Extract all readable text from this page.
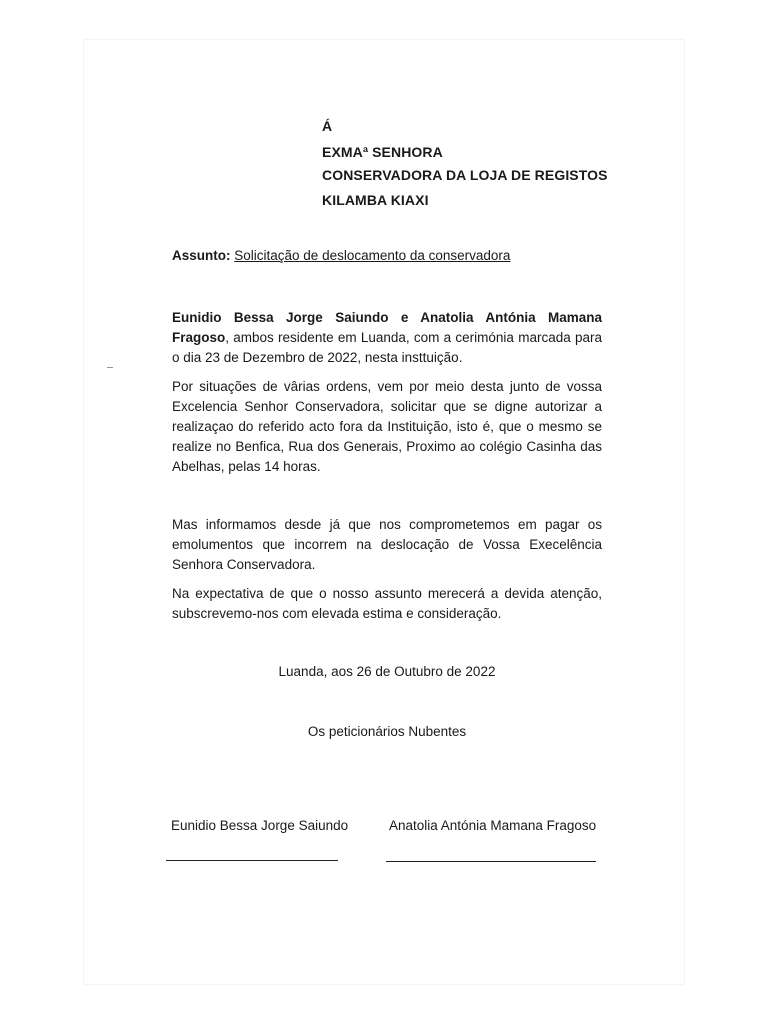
Á
EXMAª SENHORA
CONSERVADORA DA LOJA DE REGISTOS
KILAMBA KIAXI
Assunto: Solicitação de deslocamento da conservadora
Eunidio Bessa Jorge Saiundo e Anatolia Antónia Mamana Fragoso, ambos residente em Luanda, com a cerimónia marcada para o dia 23 de Dezembro de 2022, nesta insttuição.
Por situações de vârias ordens, vem por meio desta junto de vossa Excelencia Senhor Conservadora, solicitar que se digne autorizar a realizaçao do referido acto fora da Instituição, isto é, que o mesmo se realize no Benfica, Rua dos Generais, Proximo ao colégio Casinha das Abelhas, pelas 14 horas.
Mas informamos desde já que nos comprometemos em pagar os emolumentos que incorrem na deslocação de Vossa Execelência Senhora Conservadora.
Na expectativa de que o nosso assunto merecerá a devida atenção, subscrevemo-nos com elevada estima e consideração.
Luanda, aos 26 de Outubro de 2022
Os peticionários Nubentes
Eunidio Bessa Jorge Saiundo	Anatolia Antónia Mamana Fragoso
